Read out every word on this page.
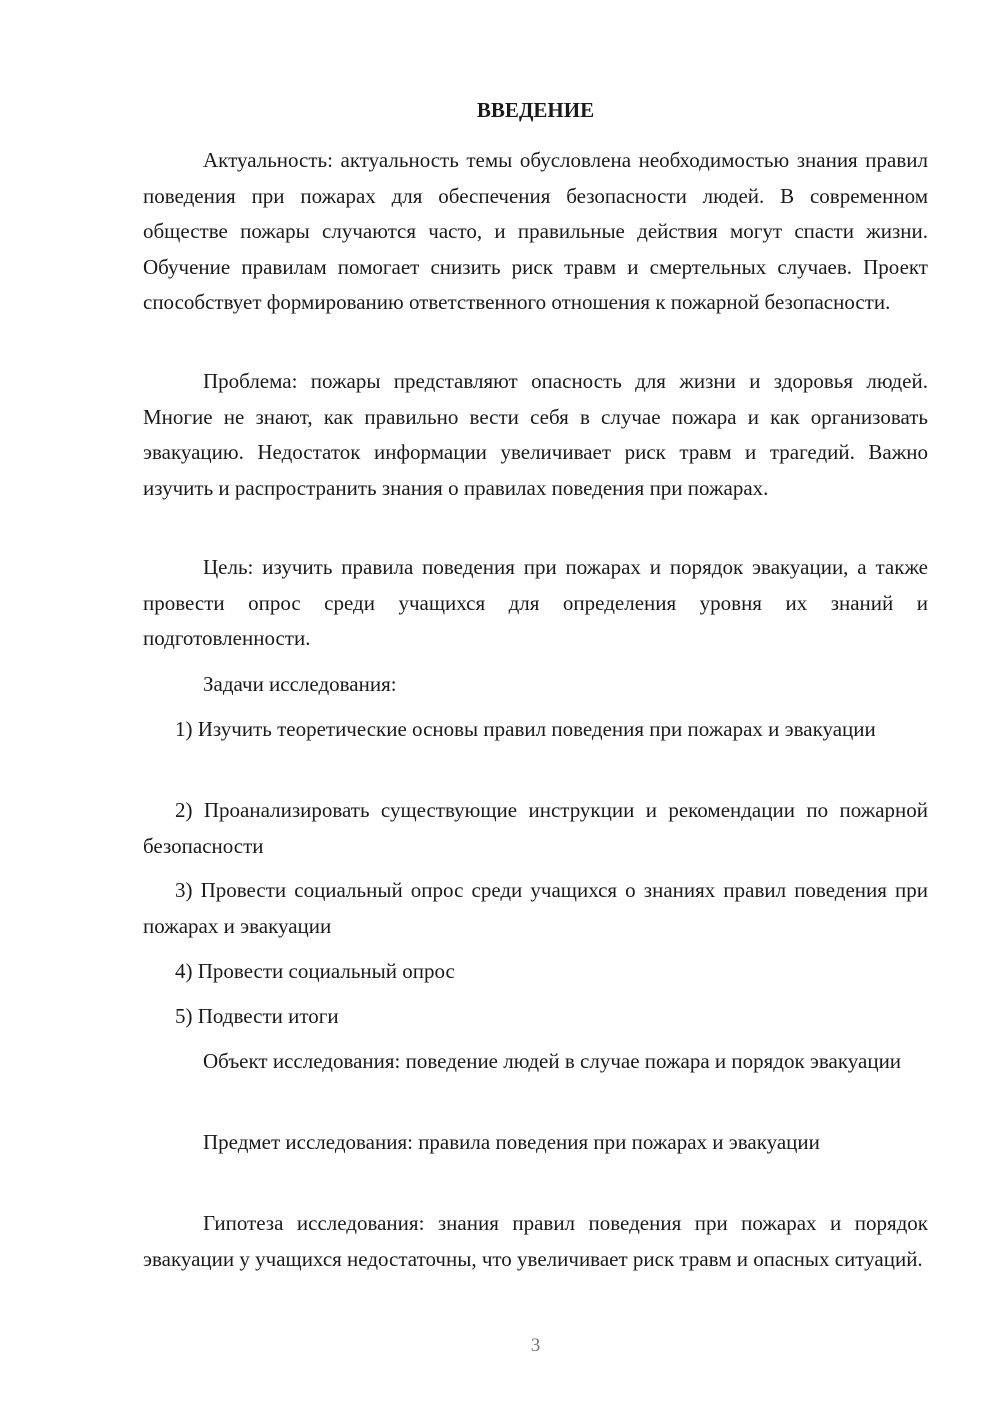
ВВЕДЕНИЕ

Актуальность: актуальность темы обусловлена необходимостью знания правил поведения при пожарах для обеспечения безопасности людей. В современном обществе пожары случаются часто, и правильные действия могут спасти жизни. Обучение правилам помогает снизить риск травм и смертельных случаев. Проект способствует формированию ответственного отношения к пожарной безопасности.

Проблема: пожары представляют опасность для жизни и здоровья людей. Многие не знают, как правильно вести себя в случае пожара и как организовать эвакуацию. Недостаток информации увеличивает риск травм и трагедий. Важно изучить и распространить знания о правилах поведения при пожарах.

Цель: изучить правила поведения при пожарах и порядок эвакуации, а также провести опрос среди учащихся для определения уровня их знаний и подготовленности.

Задачи исследования:

1) Изучить теоретические основы правил поведения при пожарах и эвакуации

2) Проанализировать существующие инструкции и рекомендации по пожарной безопасности

3) Провести социальный опрос среди учащихся о знаниях правил поведения при пожарах и эвакуации

4) Провести социальный опрос

5) Подвести итоги

Объект исследования: поведение людей в случае пожара и порядок эвакуации

Предмет исследования: правила поведения при пожарах и эвакуации

Гипотеза исследования: знания правил поведения при пожарах и порядок эвакуации у учащихся недостаточны, что увеличивает риск травм и опасных ситуаций.

3
